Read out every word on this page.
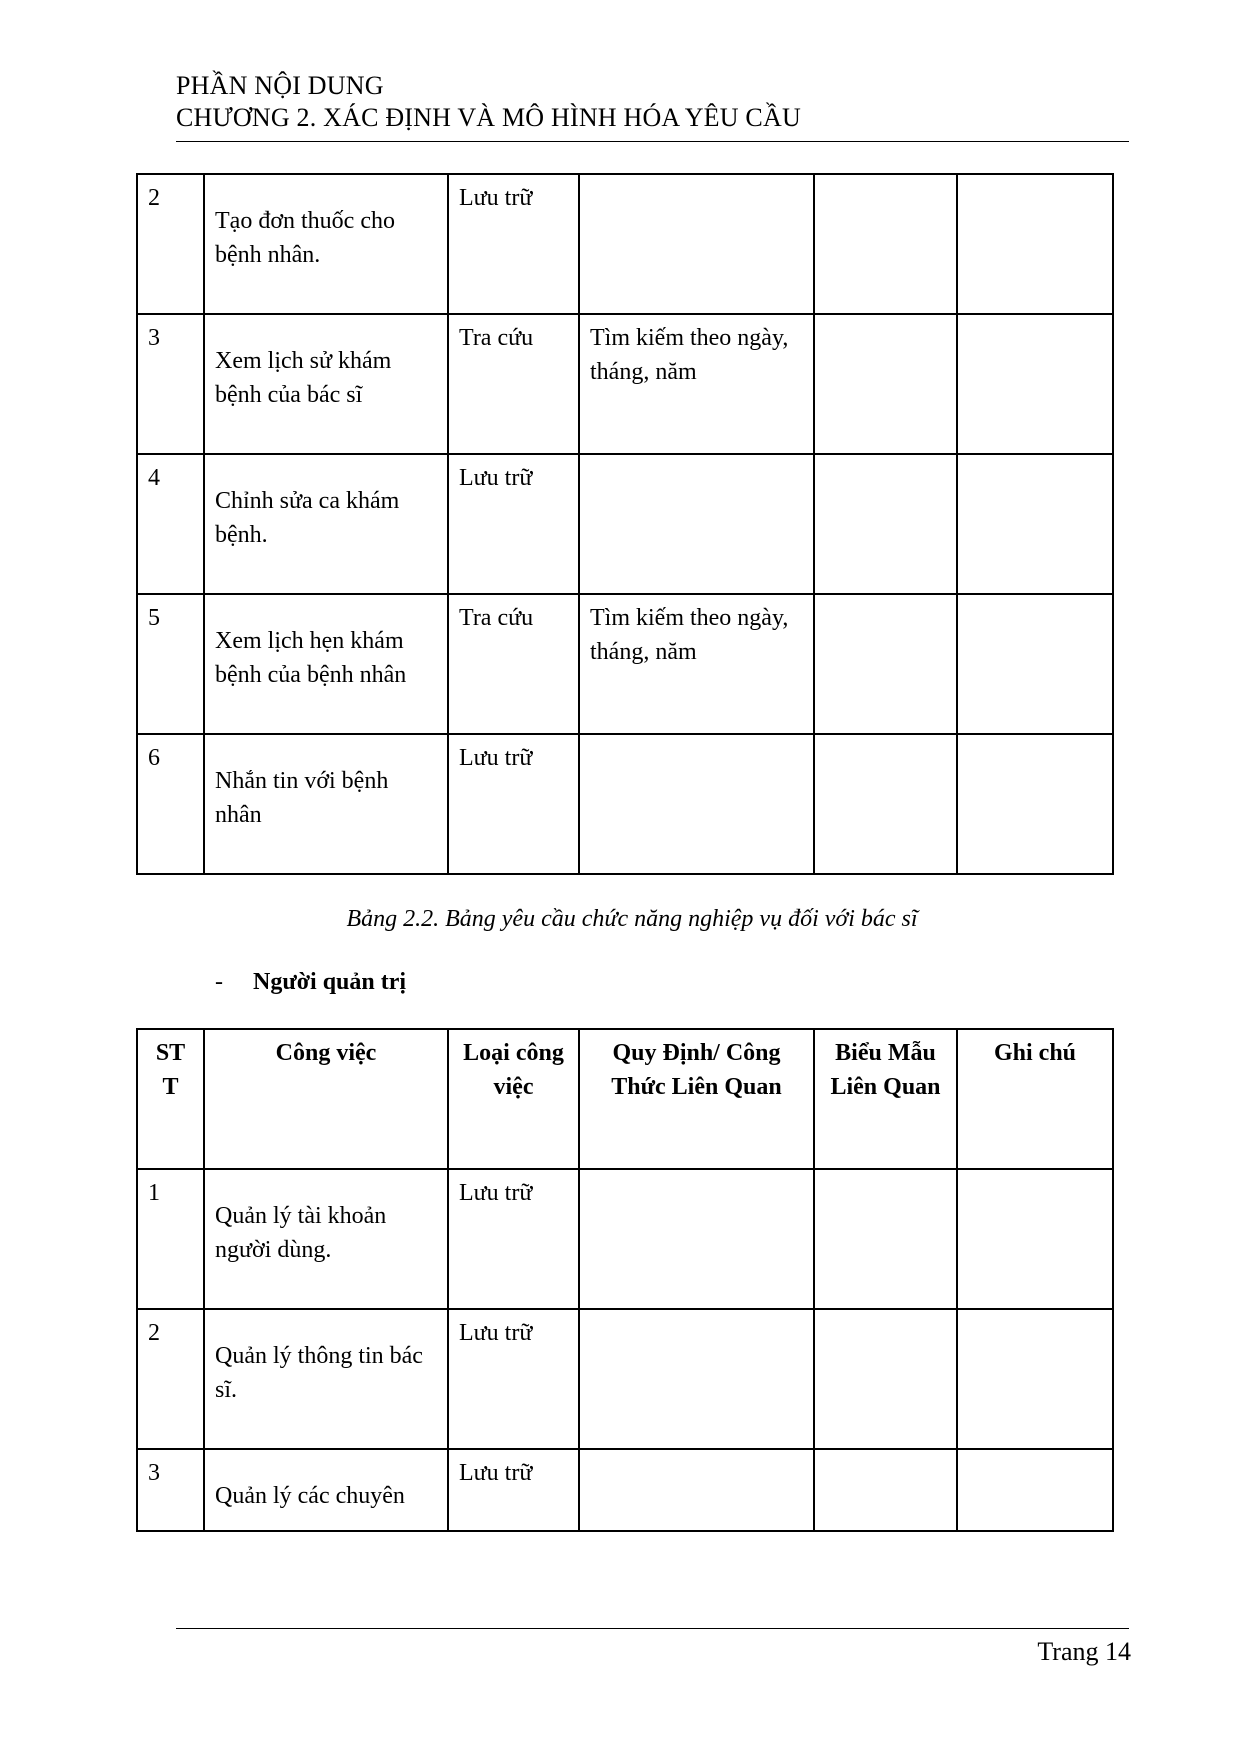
PHẦN NỘI DUNG
CHƯƠNG 2. XÁC ĐỊNH VÀ MÔ HÌNH HÓA YÊU CẦU
2	Tạo đơn thuốc cho bệnh nhân.	Lưu trữ			
3	Xem lịch sử khám bệnh của bác sĩ	Tra cứu	Tìm kiếm theo ngày, tháng, năm		
4	Chỉnh sửa ca khám bệnh.	Lưu trữ			
5	Xem lịch hẹn khám bệnh của bệnh nhân	Tra cứu	Tìm kiếm theo ngày, tháng, năm		
6	Nhắn tin với bệnh nhân	Lưu trữ			
Bảng 2.2. Bảng yêu cầu chức năng nghiệp vụ đối với bác sĩ
- Người quản trị
STT	Công việc	Loại công việc	Quy Định/ Công Thức Liên Quan	Biểu Mẫu Liên Quan	Ghi chú
1	Quản lý tài khoản người dùng.	Lưu trữ			
2	Quản lý thông tin bác sĩ.	Lưu trữ			
3	Quản lý các chuyên	Lưu trữ			
Trang 14
